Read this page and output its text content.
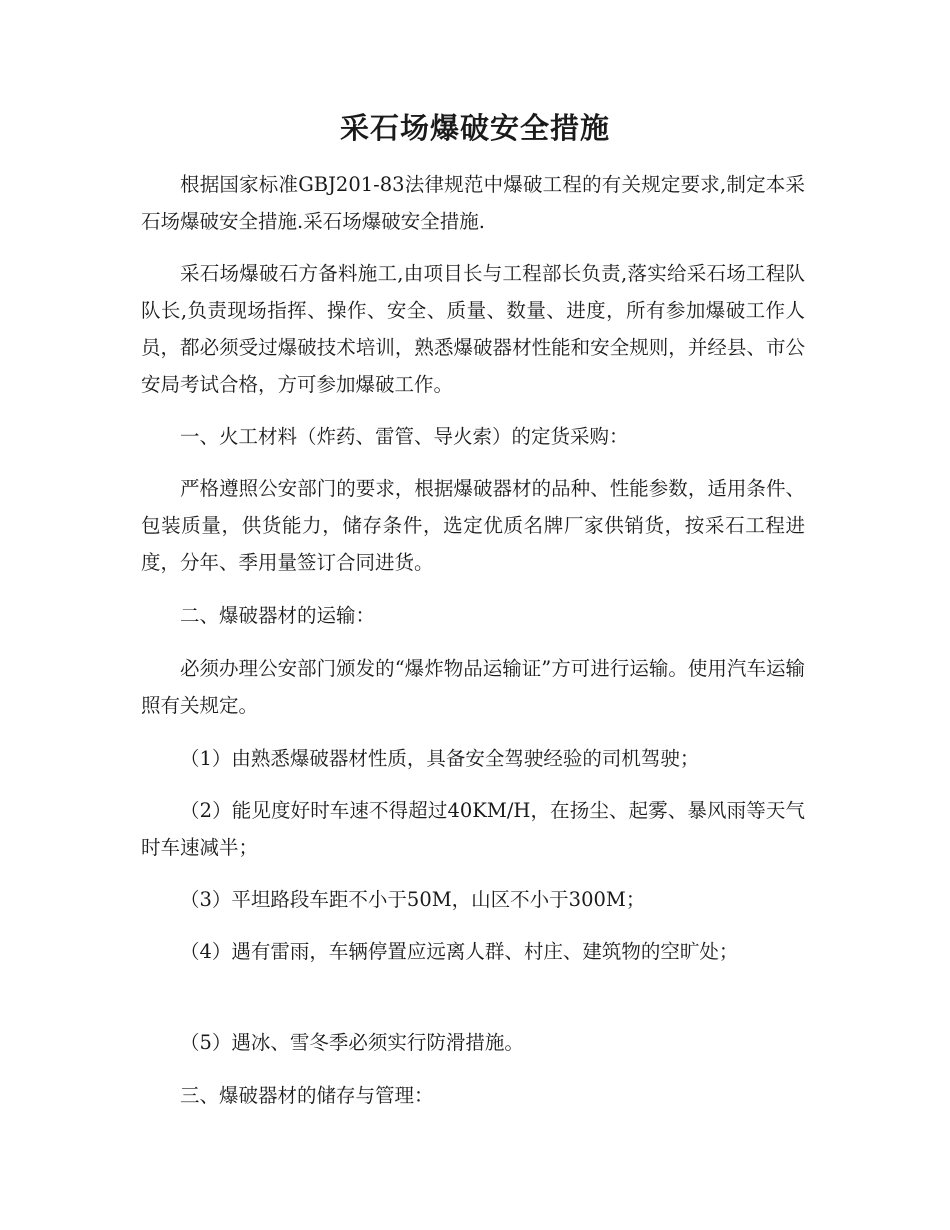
采石场爆破安全措施

根据国家标准GBJ201-83法律规范中爆破工程的有关规定要求,制定本采石场爆破安全措施.采石场爆破安全措施.

采石场爆破石方备料施工,由项目长与工程部长负责,落实给采石场工程队队长,负责现场指挥、操作、安全、质量、数量、进度，所有参加爆破工作人员，都必须受过爆破技术培训，熟悉爆破器材性能和安全规则，并经县、市公安局考试合格，方可参加爆破工作。

一、火工材料（炸药、雷管、导火索）的定货采购：

严格遵照公安部门的要求，根据爆破器材的品种、性能参数，适用条件、包装质量，供货能力，储存条件，选定优质名牌厂家供销货，按采石工程进度，分年、季用量签订合同进货。

二、爆破器材的运输：

必须办理公安部门颁发的“爆炸物品运输证”方可进行运输。使用汽车运输照有关规定。

（1）由熟悉爆破器材性质，具备安全驾驶经验的司机驾驶；

（2）能见度好时车速不得超过40KM/H，在扬尘、起雾、暴风雨等天气时车速减半；

（3）平坦路段车距不小于50M，山区不小于300M；

（4）遇有雷雨，车辆停置应远离人群、村庄、建筑物的空旷处；

（5）遇冰、雪冬季必须实行防滑措施。

三、爆破器材的储存与管理：
